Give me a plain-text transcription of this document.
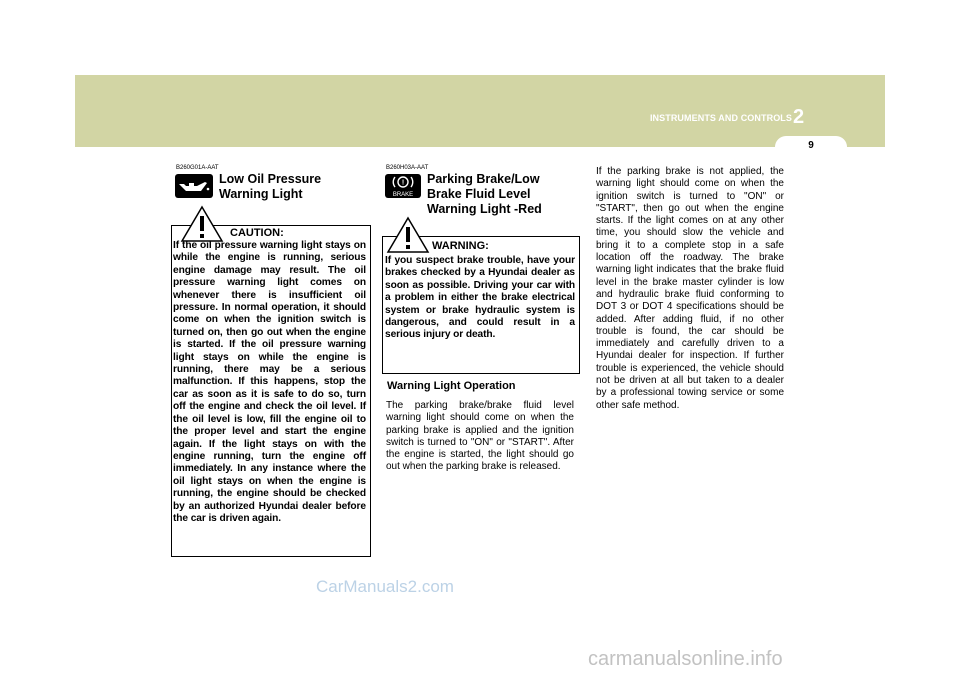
INSTRUMENTS AND CONTROLS 2
9
B260G01A-AAT
Low Oil Pressure Warning Light
CAUTION:
If the oil pressure warning light stays on while the engine is running, serious engine damage may result. The oil pressure warning light comes on whenever there is insufficient oil pressure. In normal operation, it should come on when the ignition switch is turned on, then go out when the engine is started. If the oil pressure warning light stays on while the engine is running, there may be a serious malfunction. If this happens, stop the car as soon as it is safe to do so, turn off the engine and check the oil level. If the oil level is low, fill the engine oil to the proper level and start the engine again. If the light stays on with the engine running, turn the engine off immediately. In any instance where the oil light stays on when the engine is running, the engine should be checked by an authorized Hyundai dealer before the car is driven again.
B260H03A-AAT
!
BRAKE
Parking Brake/Low Brake Fluid Level Warning Light -Red
WARNING:
If you suspect brake trouble, have your brakes checked by a Hyundai dealer as soon as possible. Driving your car with a problem in either the brake electrical system or brake hydraulic system is dangerous, and could result in a serious injury or death.
Warning Light Operation
The parking brake/brake fluid level warning light should come on when the parking brake is applied and the ignition switch is turned to "ON" or "START". After the engine is started, the light should go out when the parking brake is released.
If the parking brake is not applied, the warning light should come on when the ignition switch is turned to "ON" or "START", then go out when the engine starts. If the light comes on at any other time, you should slow the vehicle and bring it to a complete stop in a safe location off the roadway. The brake warning light indicates that the brake fluid level in the brake master cylinder is low and hydraulic brake fluid conforming to DOT 3 or DOT 4 specifications should be added. After adding fluid, if no other trouble is found, the car should be immediately and carefully driven to a Hyundai dealer for inspection. If further trouble is experienced, the vehicle should not be driven at all but taken to a dealer by a professional towing service or some other safe method.
CarManuals2.com
carmanualsonline.info
